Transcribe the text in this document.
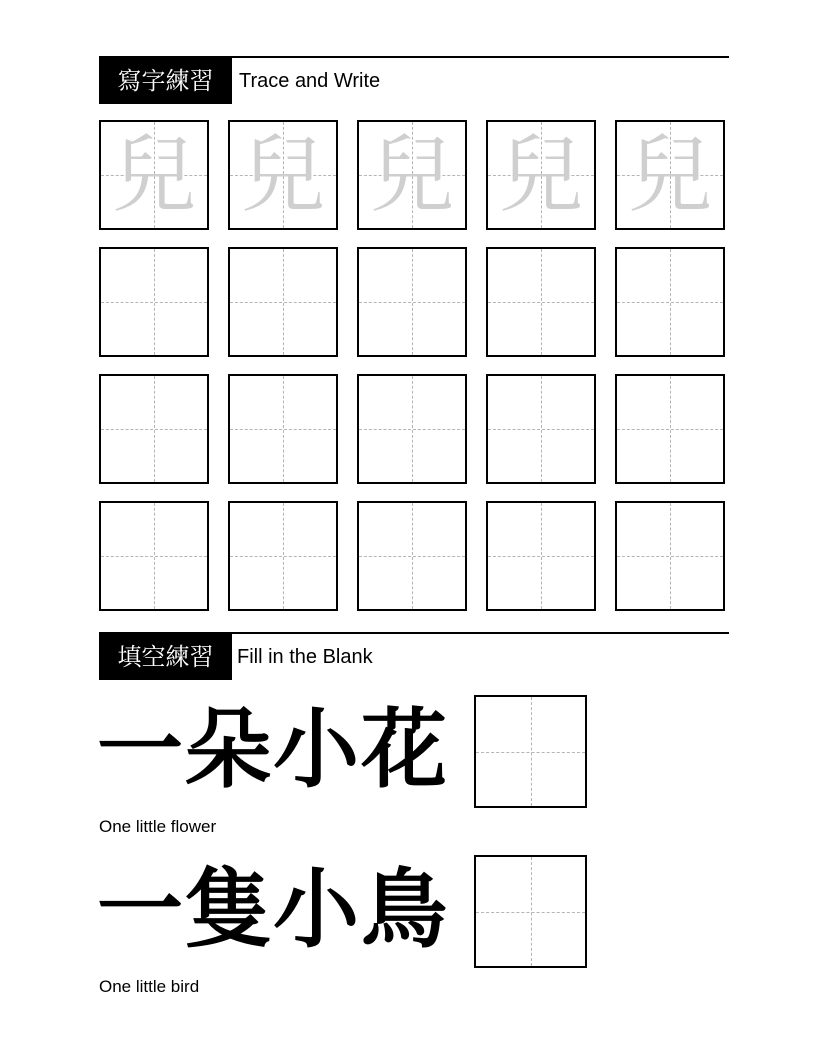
寫字練習	Trace and Write
兒 兒 兒 兒 兒
填空練習	Fill in the Blank
一朵小花
One little flower
一隻小鳥
One little bird
